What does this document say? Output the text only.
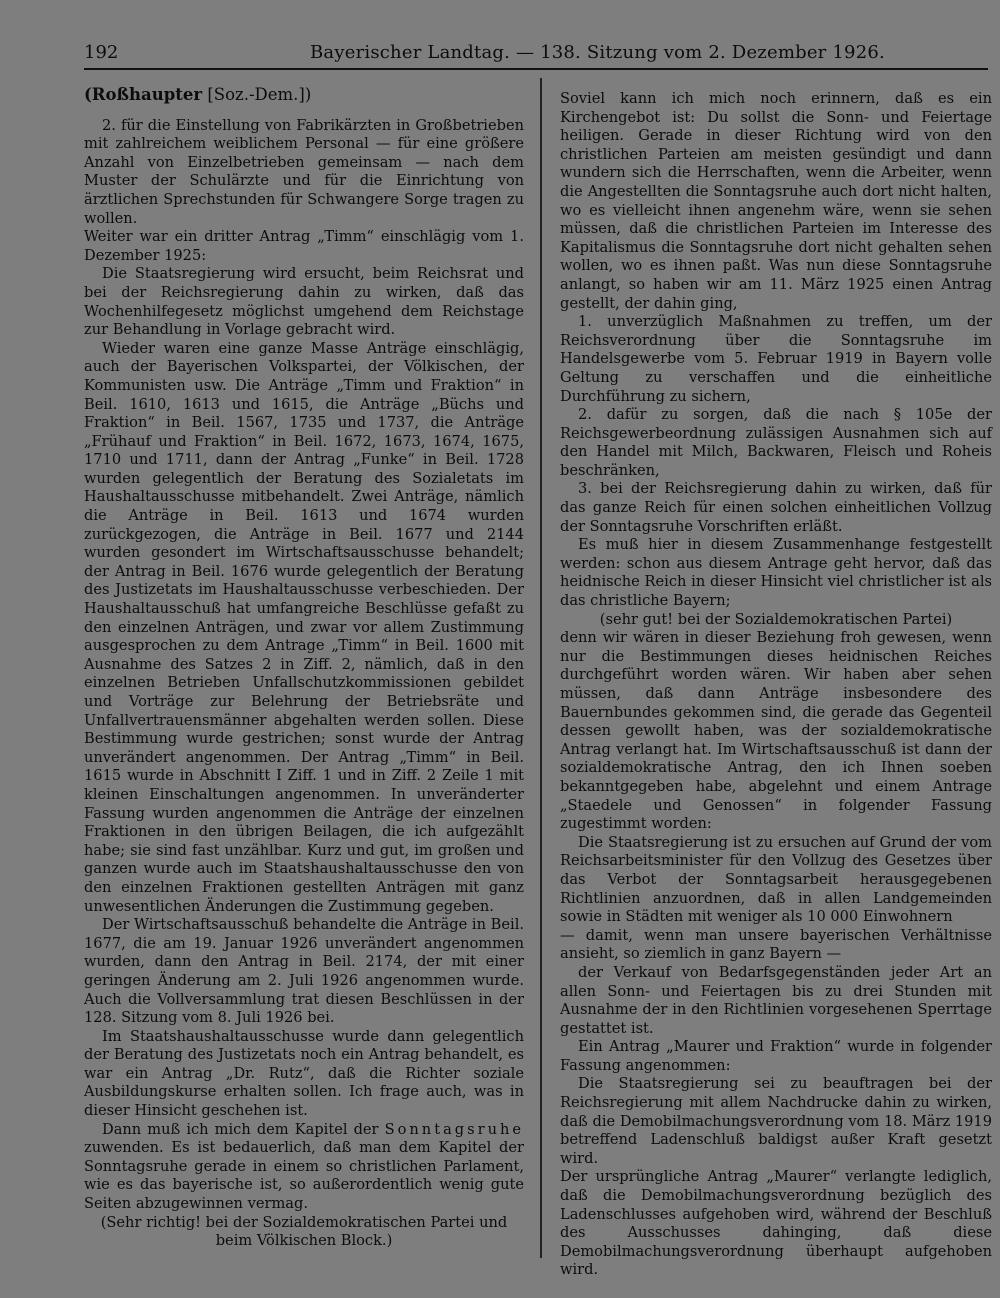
192	Bayerischer Landtag. — 138. Sitzung vom 2. Dezember 1926.
(Roßhaupter [Soz.-Dem.])

2. für die Einstellung von Fabrikärzten in Großbetrieben mit zahlreichem weiblichem Personal — für eine größere Anzahl von Einzelbetrieben gemeinsam — nach dem Muster der Schulärzte und für die Einrichtung von ärztlichen Sprechstunden für Schwangere Sorge tragen zu wollen.

Weiter war ein dritter Antrag „Timm“ einschlägig vom 1. Dezember 1925:

Die Staatsregierung wird ersucht, beim Reichsrat und bei der Reichsregierung dahin zu wirken, daß das Wochenhilfegesetz möglichst umgehend dem Reichstage zur Behandlung in Vorlage gebracht wird.

Wieder waren eine ganze Masse Anträge einschlägig, auch der Bayerischen Volkspartei, der Völkischen, der Kommunisten usw. Die Anträge „Timm und Fraktion“ in Beil. 1610, 1613 und 1615, die Anträge „Büchs und Fraktion“ in Beil. 1567, 1735 und 1737, die Anträge „Frühauf und Fraktion“ in Beil. 1672, 1673, 1674, 1675, 1710 und 1711, dann der Antrag „Funke“ in Beil. 1728 wurden gelegentlich der Beratung des Sozialetats im Haushaltausschusse mitbehandelt. Zwei Anträge, nämlich die Anträge in Beil. 1613 und 1674 wurden zurückgezogen, die Anträge in Beil. 1677 und 2144 wurden gesondert im Wirtschaftsausschusse behandelt; der Antrag in Beil. 1676 wurde gelegentlich der Beratung des Justizetats im Haushaltausschusse verbeschieden. Der Haushaltausschuß hat umfangreiche Beschlüsse gefaßt zu den einzelnen Anträgen, und zwar vor allem Zustimmung ausgesprochen zu dem Antrage „Timm“ in Beil. 1600 mit Ausnahme des Satzes 2 in Ziff. 2, nämlich, daß in den einzelnen Betrieben Unfallschutzkommissionen gebildet und Vorträge zur Belehrung der Betriebsräte und Unfallvertrauensmänner abgehalten werden sollen. Diese Bestimmung wurde gestrichen; sonst wurde der Antrag unverändert angenommen. Der Antrag „Timm“ in Beil. 1615 wurde in Abschnitt I Ziff. 1 und in Ziff. 2 Zeile 1 mit kleinen Einschaltungen angenommen. In unveränderter Fassung wurden angenommen die Anträge der einzelnen Fraktionen in den übrigen Beilagen, die ich aufgezählt habe; sie sind fast unzählbar. Kurz und gut, im großen und ganzen wurde auch im Staatshaushaltausschusse den von den einzelnen Fraktionen gestellten Anträgen mit ganz unwesentlichen Änderungen die Zustimmung gegeben.

Der Wirtschaftsausschuß behandelte die Anträge in Beil. 1677, die am 19. Januar 1926 unverändert angenommen wurden, dann den Antrag in Beil. 2174, der mit einer geringen Änderung am 2. Juli 1926 angenommen wurde. Auch die Vollversammlung trat diesen Beschlüssen in der 128. Sitzung vom 8. Juli 1926 bei.

Im Staatshaushaltausschusse wurde dann gelegentlich der Beratung des Justizetats noch ein Antrag behandelt, es war ein Antrag „Dr. Rutz“, daß die Richter soziale Ausbildungskurse erhalten sollen. Ich frage auch, was in dieser Hinsicht geschehen ist.

Dann muß ich mich dem Kapitel der Sonntagsruhe zuwenden. Es ist bedauerlich, daß man dem Kapitel der Sonntagsruhe gerade in einem so christlichen Parlament, wie es das bayerische ist, so außerordentlich wenig gute Seiten abzugewinnen vermag.

(Sehr richtig! bei der Sozialdemokratischen Partei und beim Völkischen Block.)

Soviel kann ich mich noch erinnern, daß es ein Kirchengebot ist: Du sollst die Sonn- und Feiertage heiligen. Gerade in dieser Richtung wird von den christlichen Parteien am meisten gesündigt und dann wundern sich die Herrschaften, wenn die Arbeiter, wenn die Angestellten die Sonntagsruhe auch dort nicht halten, wo es vielleicht ihnen angenehm wäre, wenn sie sehen müssen, daß die christlichen Parteien im Interesse des Kapitalismus die Sonntagsruhe dort nicht gehalten sehen wollen, wo es ihnen paßt. Was nun diese Sonntagsruhe anlangt, so haben wir am 11. März 1925 einen Antrag gestellt, der dahin ging,

1. unverzüglich Maßnahmen zu treffen, um der Reichsverordnung über die Sonntagsruhe im Handelsgewerbe vom 5. Februar 1919 in Bayern volle Geltung zu verschaffen und die einheitliche Durchführung zu sichern,

2. dafür zu sorgen, daß die nach § 105e der Reichsgewerbeordnung zulässigen Ausnahmen sich auf den Handel mit Milch, Backwaren, Fleisch und Roheis beschränken,

3. bei der Reichsregierung dahin zu wirken, daß für das ganze Reich für einen solchen einheitlichen Vollzug der Sonntagsruhe Vorschriften erläßt.

Es muß hier in diesem Zusammenhange festgestellt werden: schon aus diesem Antrage geht hervor, daß das heidnische Reich in dieser Hinsicht viel christlicher ist als das christliche Bayern;

(sehr gut! bei der Sozialdemokratischen Partei)

denn wir wären in dieser Beziehung froh gewesen, wenn nur die Bestimmungen dieses heidnischen Reiches durchgeführt worden wären. Wir haben aber sehen müssen, daß dann Anträge insbesondere des Bauernbundes gekommen sind, die gerade das Gegenteil dessen gewollt haben, was der sozialdemokratische Antrag verlangt hat. Im Wirtschaftsausschuß ist dann der sozialdemokratische Antrag, den ich Ihnen soeben bekanntgegeben habe, abgelehnt und einem Antrage „Staedele und Genossen“ in folgender Fassung zugestimmt worden:

Die Staatsregierung ist zu ersuchen auf Grund der vom Reichsarbeitsminister für den Vollzug des Gesetzes über das Verbot der Sonntagsarbeit herausgegebenen Richtlinien anzuordnen, daß in allen Landgemeinden sowie in Städten mit weniger als 10 000 Einwohnern

— damit, wenn man unsere bayerischen Verhältnisse ansieht, so ziemlich in ganz Bayern —

der Verkauf von Bedarfsgegenständen jeder Art an allen Sonn- und Feiertagen bis zu drei Stunden mit Ausnahme der in den Richtlinien vorgesehenen Sperrtage gestattet ist.

Ein Antrag „Maurer und Fraktion“ wurde in folgender Fassung angenommen:

Die Staatsregierung sei zu beauftragen bei der Reichsregierung mit allem Nachdrucke dahin zu wirken, daß die Demobilmachungsverordnung vom 18. März 1919 betreffend Ladenschluß baldigst außer Kraft gesetzt wird.

Der ursprüngliche Antrag „Maurer“ verlangte lediglich, daß die Demobilmachungsverordnung bezüglich des Ladenschlusses aufgehoben wird, während der Beschluß des Ausschusses dahinging, daß diese Demobilmachungsverordnung überhaupt aufgehoben wird.
